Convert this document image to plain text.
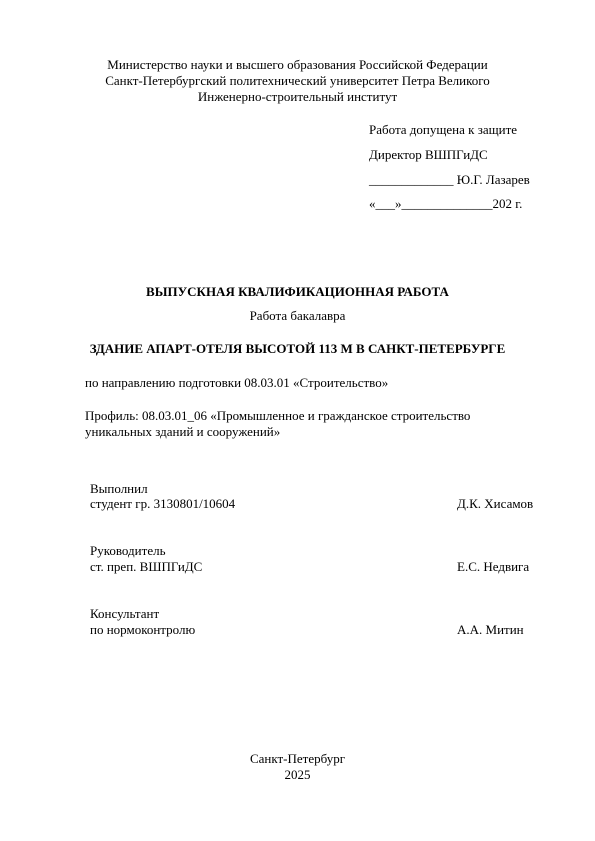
Министерство науки и высшего образования Российской Федерации
Санкт-Петербургский политехнический университет Петра Великого
Инженерно-строительный институт
Работа допущена к защите
Директор ВШПГиДС
_____________ Ю.Г. Лазарев
«___»______________202 г.
ВЫПУСКНАЯ КВАЛИФИКАЦИОННАЯ РАБОТА
Работа бакалавра
ЗДАНИЕ АПАРТ-ОТЕЛЯ ВЫСОТОЙ 113 М В САНКТ-ПЕТЕРБУРГЕ
по направлению подготовки 08.03.01 «Строительство»
Профиль: 08.03.01_06 «Промышленное и гражданское строительство
уникальных зданий и сооружений»
Выполнил
студент гр. 3130801/10604	Д.К. Хисамов
Руководитель
ст. преп. ВШПГиДС	Е.С. Недвига
Консультант
по нормоконтролю	А.А. Митин
Санкт-Петербург
2025
